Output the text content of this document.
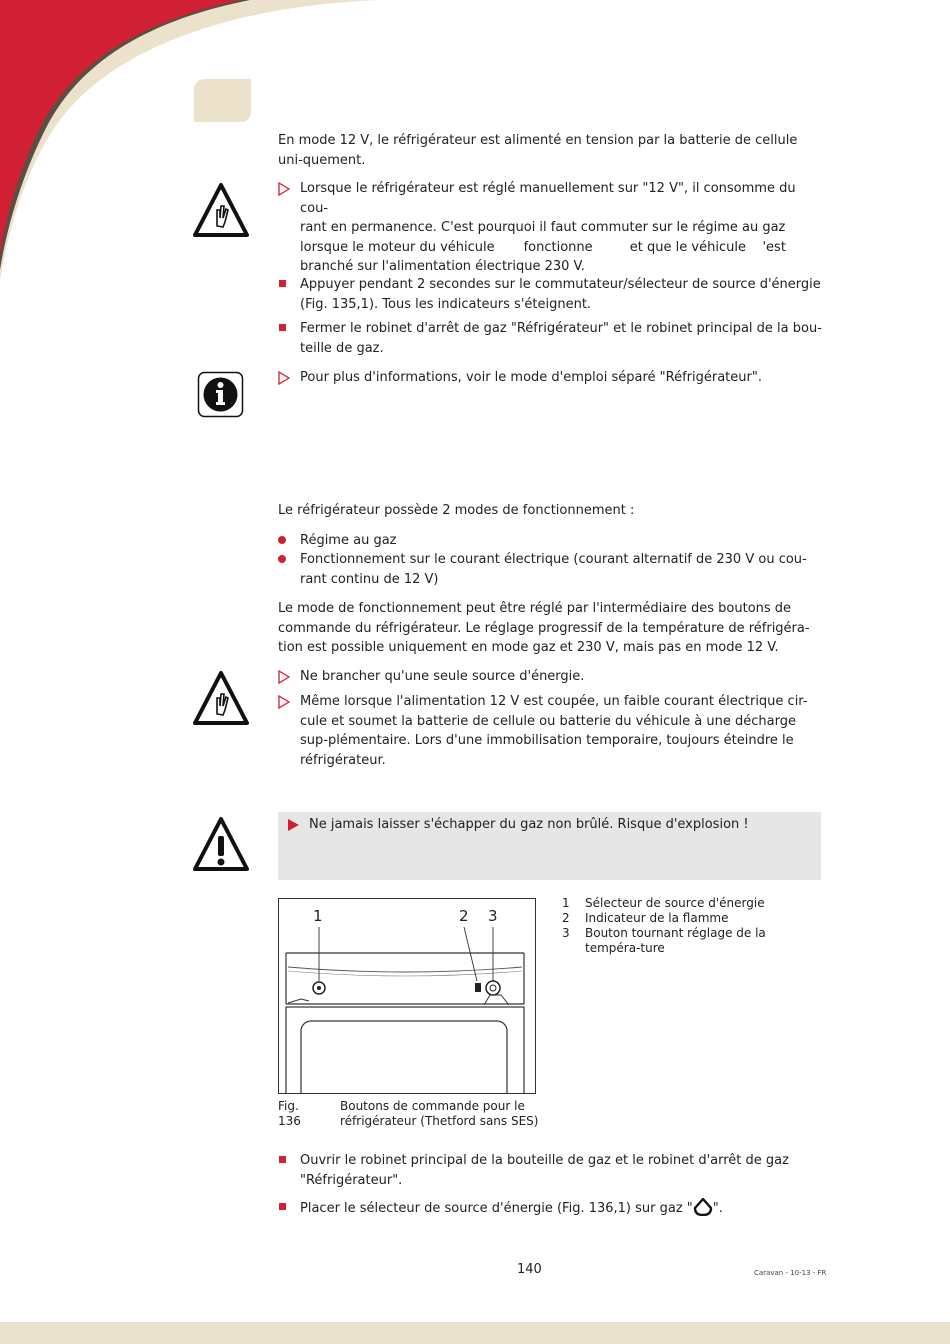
En mode 12 V, le réfrigérateur est alimenté en tension par la batterie de cellule uni-quement.
Lorsque le réfrigérateur est réglé manuellement sur "12 V", il consomme du cou-
rant en permanence. C'est pourquoi il faut commuter sur le régime au gaz
lorsque le moteur du véhicule       fonctionne         et que le véhicule    'est
branché sur l'alimentation électrique 230 V.
Appuyer pendant 2 secondes sur le commutateur/sélecteur de source d'énergie (Fig. 135,1). Tous les indicateurs s'éteignent.
Fermer le robinet d'arrêt de gaz "Réfrigérateur" et le robinet principal de la bou-teille de gaz.
Pour plus d'informations, voir le mode d'emploi séparé "Réfrigérateur".
Le réfrigérateur possède 2 modes de fonctionnement :
Régime au gaz
Fonctionnement sur le courant électrique (courant alternatif de 230 V ou cou-rant continu de 12 V)
Le mode de fonctionnement peut être réglé par l'intermédiaire des boutons de commande du réfrigérateur. Le réglage progressif de la température de réfrigéra-tion est possible uniquement en mode gaz et 230 V, mais pas en mode 12 V.
Ne brancher qu'une seule source d'énergie.
Même lorsque l'alimentation 12 V est coupée, un faible courant électrique cir-cule et soumet la batterie de cellule ou batterie du véhicule à une décharge sup-plémentaire. Lors d'une immobilisation temporaire, toujours éteindre le réfrigérateur.
Ne jamais laisser s'échapper du gaz non brûlé. Risque d'explosion !
1	2 3
1 Sélecteur de source d'énergie
2 Indicateur de la flamme
3 Bouton tournant réglage de la tempéra-ture
Fig. 136
Boutons de commande pour le réfrigérateur (Thetford sans SES)
Ouvrir le robinet principal de la bouteille de gaz et le robinet d'arrêt de gaz "Réfrigérateur".
Placer le sélecteur de source d'énergie (Fig. 136,1) sur gaz " ".
140	Caravan - 10-13 - FR
